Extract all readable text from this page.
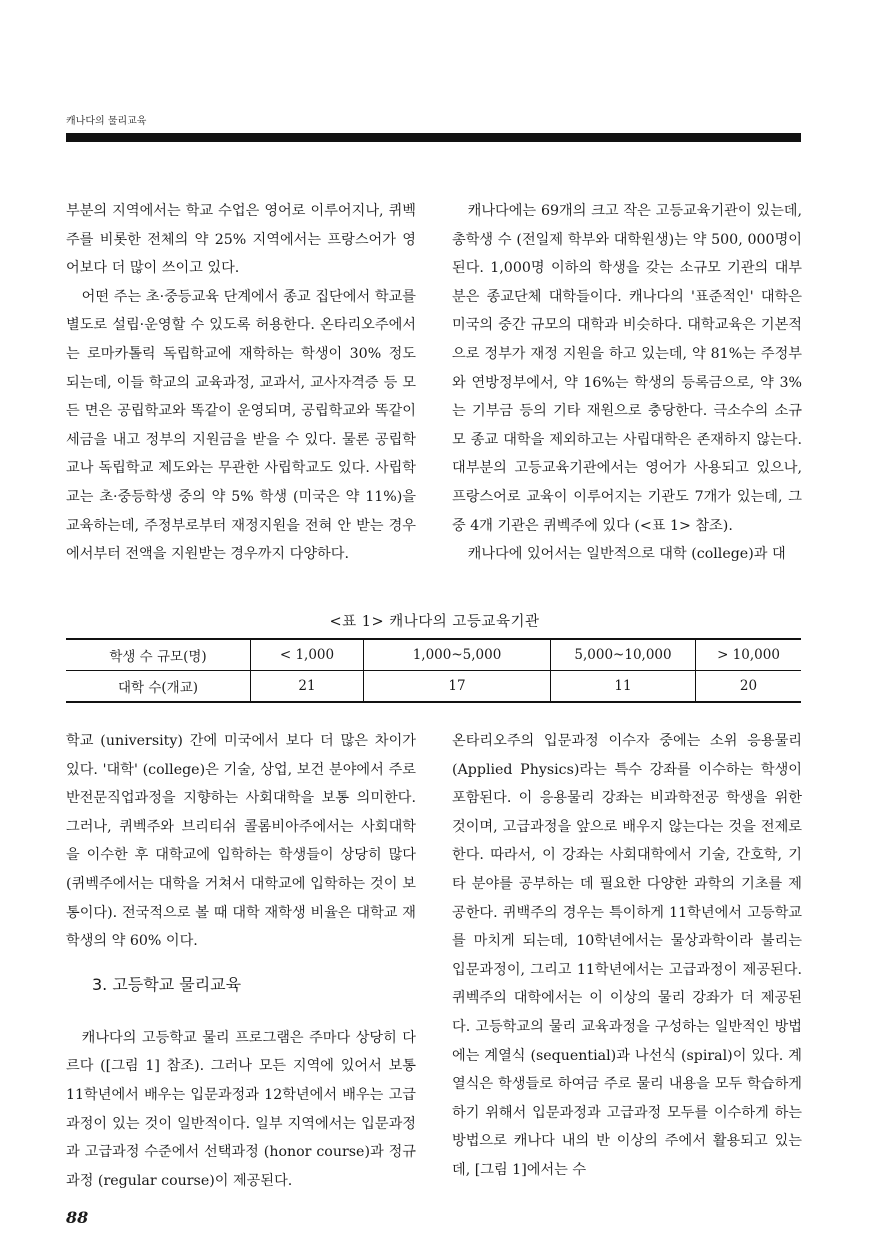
캐나다의 물리교육

부분의 지역에서는 학교 수업은 영어로 이루어지나, 퀴벡주를 비롯한 전체의 약 25% 지역에서는 프랑스어가 영어보다 더 많이 쓰이고 있다.

어떤 주는 초·중등교육 단계에서 종교 집단에서 학교를 별도로 설립·운영할 수 있도록 허용한다. 온타리오주에서는 로마카톨릭 독립학교에 재학하는 학생이 30% 정도 되는데, 이들 학교의 교육과정, 교과서, 교사자격증 등 모든 면은 공립학교와 똑같이 운영되며, 공립학교와 똑같이 세금을 내고 정부의 지원금을 받을 수 있다. 물론 공립학교나 독립학교 제도와는 무관한 사립학교도 있다. 사립학교는 초·중등학생 중의 약 5% 학생 (미국은 약 11%)을 교육하는데, 주정부로부터 재정지원을 전혀 안 받는 경우에서부터 전액을 지원받는 경우까지 다양하다.

캐나다에는 69개의 크고 작은 고등교육기관이 있는데, 총학생 수 (전일제 학부와 대학원생)는 약 500, 000명이 된다. 1,000명 이하의 학생을 갖는 소규모 기관의 대부분은 종교단체 대학들이다. 캐나다의 '표준적인' 대학은 미국의 중간 규모의 대학과 비슷하다. 대학교육은 기본적으로 정부가 재정 지원을 하고 있는데, 약 81%는 주정부와 연방정부에서, 약 16%는 학생의 등록금으로, 약 3%는 기부금 등의 기타 재원으로 충당한다. 극소수의 소규모 종교 대학을 제외하고는 사립대학은 존재하지 않는다. 대부분의 고등교육기관에서는 영어가 사용되고 있으나, 프랑스어로 교육이 이루어지는 기관도 7개가 있는데, 그 중 4개 기관은 퀴벡주에 있다 (<표 1> 참조).

캐나다에 있어서는 일반적으로 대학 (college)과 대

<표 1> 캐나다의 고등교육기관
학생 수 규모(명)	< 1,000	1,000~5,000	5,000~10,000	> 10,000
대학 수(개교)	21	17	11	20

학교 (university) 간에 미국에서 보다 더 많은 차이가 있다. '대학' (college)은 기술, 상업, 보건 분야에서 주로 반전문직업과정을 지향하는 사회대학을 보통 의미한다. 그러나, 퀴벡주와 브리티쉬 콜롬비아주에서는 사회대학을 이수한 후 대학교에 입학하는 학생들이 상당히 많다 (퀴벡주에서는 대학을 거쳐서 대학교에 입학하는 것이 보통이다). 전국적으로 볼 때 대학 재학생 비율은 대학교 재학생의 약 60% 이다.

3. 고등학교 물리교육

캐나다의 고등학교 물리 프로그램은 주마다 상당히 다르다 ([그림 1] 참조). 그러나 모든 지역에 있어서 보통 11학년에서 배우는 입문과정과 12학년에서 배우는 고급과정이 있는 것이 일반적이다. 일부 지역에서는 입문과정과 고급과정 수준에서 선택과정 (honor course)과 정규과정 (regular course)이 제공된다.

온타리오주의 입문과정 이수자 중에는 소위 응용물리 (Applied Physics)라는 특수 강좌를 이수하는 학생이 포함된다. 이 응용물리 강좌는 비과학전공 학생을 위한 것이며, 고급과정을 앞으로 배우지 않는다는 것을 전제로 한다. 따라서, 이 강좌는 사회대학에서 기술, 간호학, 기타 분야를 공부하는 데 필요한 다양한 과학의 기초를 제공한다. 퀴백주의 경우는 특이하게 11학년에서 고등학교를 마치게 되는데, 10학년에서는 물상과학이라 불리는 입문과정이, 그리고 11학년에서는 고급과정이 제공된다. 퀴벡주의 대학에서는 이 이상의 물리 강좌가 더 제공된다. 고등학교의 물리 교육과정을 구성하는 일반적인 방법에는 계열식 (sequential)과 나선식 (spiral)이 있다. 계열식은 학생들로 하여금 주로 물리 내용을 모두 학습하게 하기 위해서 입문과정과 고급과정 모두를 이수하게 하는 방법으로 캐나다 내의 반 이상의 주에서 활용되고 있는데, [그림 1]에서는 수

88
